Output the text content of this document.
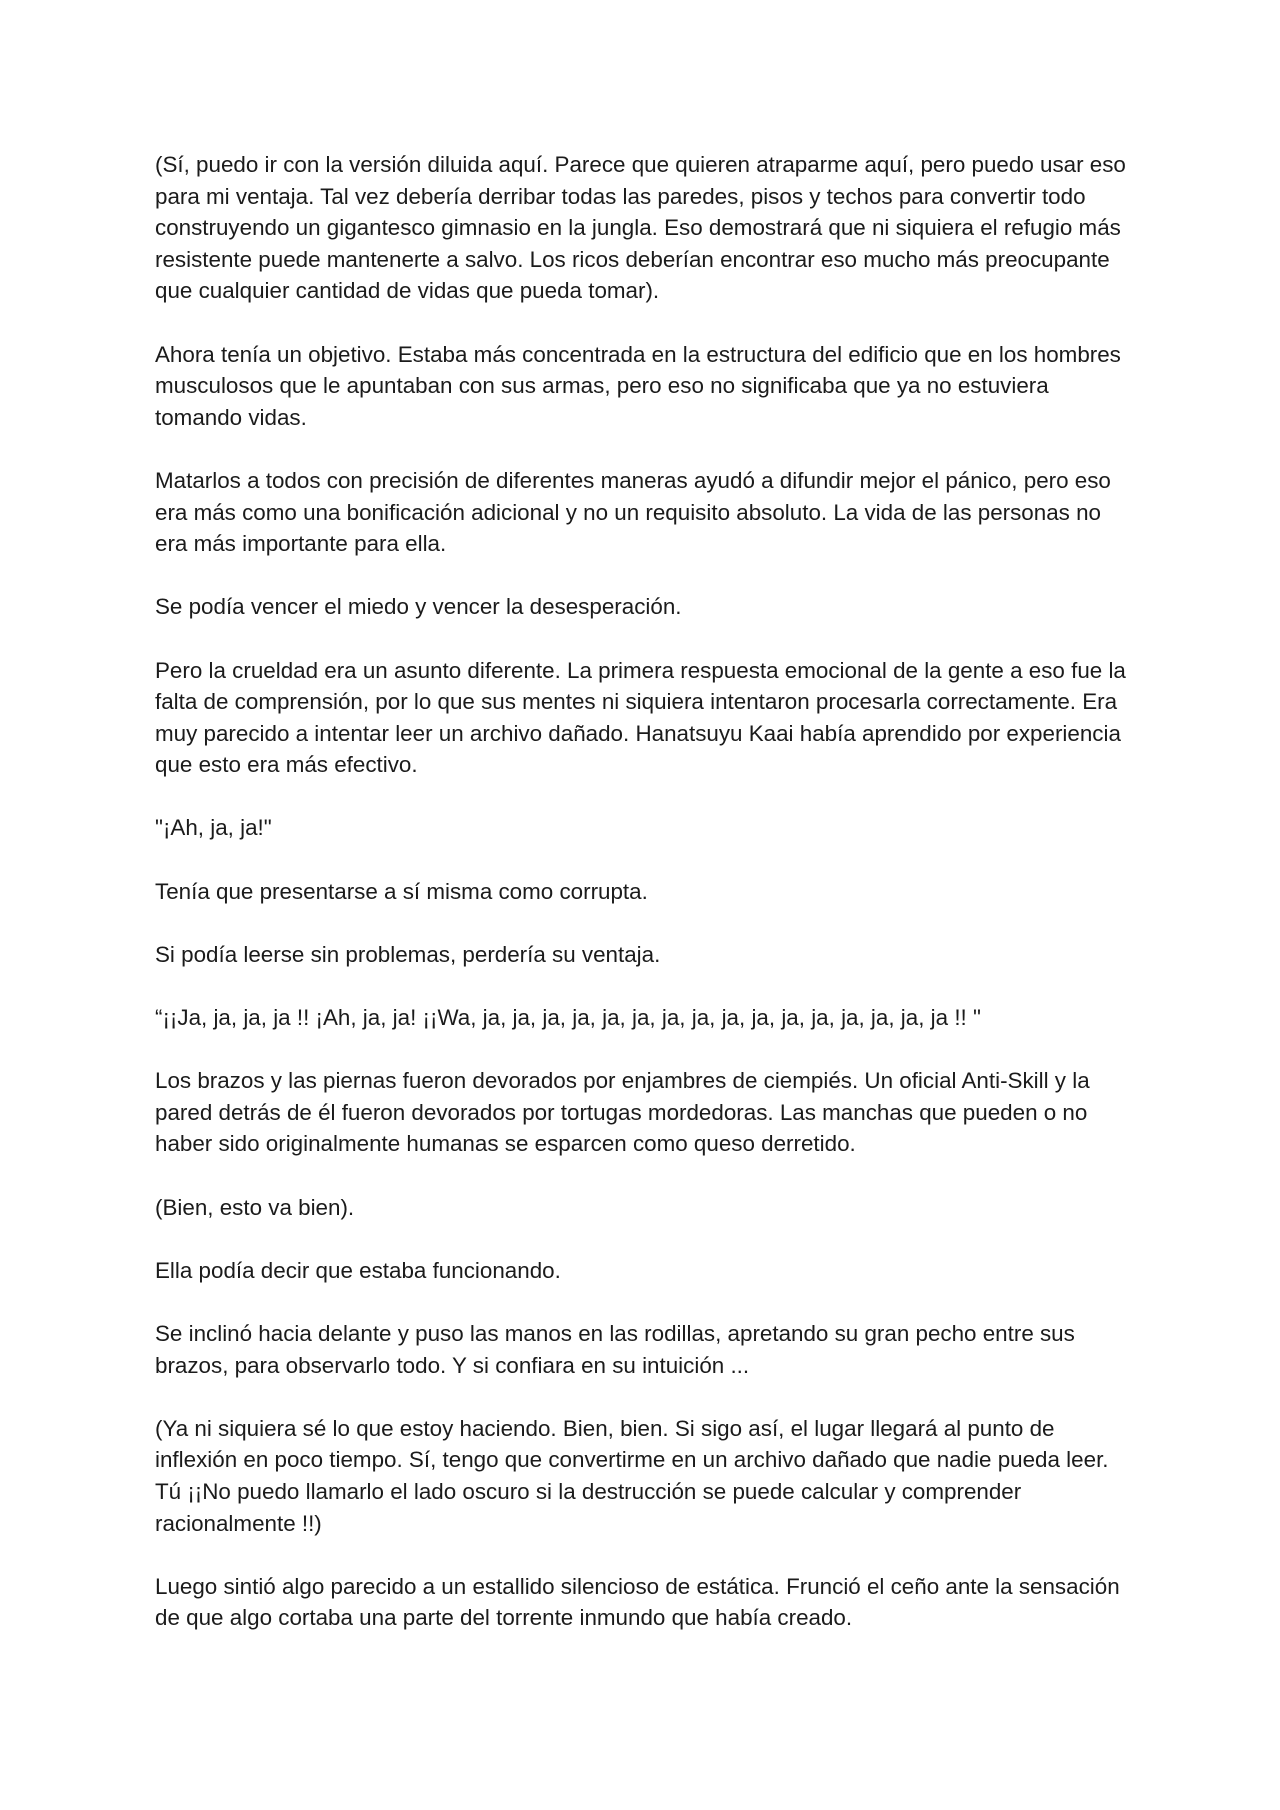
(Sí, puedo ir con la versión diluida aquí. Parece que quieren atraparme aquí, pero puedo usar eso para mi ventaja. Tal vez debería derribar todas las paredes, pisos y techos para convertir todo construyendo un gigantesco gimnasio en la jungla. Eso demostrará que ni siquiera el refugio más resistente puede mantenerte a salvo. Los ricos deberían encontrar eso mucho más preocupante que cualquier cantidad de vidas que pueda tomar).

Ahora tenía un objetivo. Estaba más concentrada en la estructura del edificio que en los hombres musculosos que le apuntaban con sus armas, pero eso no significaba que ya no estuviera tomando vidas.

Matarlos a todos con precisión de diferentes maneras ayudó a difundir mejor el pánico, pero eso era más como una bonificación adicional y no un requisito absoluto. La vida de las personas no era más importante para ella.

Se podía vencer el miedo y vencer la desesperación.

Pero la crueldad era un asunto diferente. La primera respuesta emocional de la gente a eso fue la falta de comprensión, por lo que sus mentes ni siquiera intentaron procesarla correctamente. Era muy parecido a intentar leer un archivo dañado. Hanatsuyu Kaai había aprendido por experiencia que esto era más efectivo.

"¡Ah, ja, ja!"

Tenía que presentarse a sí misma como corrupta.

Si podía leerse sin problemas, perdería su ventaja.

“¡¡Ja, ja, ja, ja !! ¡Ah, ja, ja! ¡¡Wa, ja, ja, ja, ja, ja, ja, ja, ja, ja, ja, ja, ja, ja, ja, ja, ja !! "

Los brazos y las piernas fueron devorados por enjambres de ciempiés. Un oficial Anti-Skill y la pared detrás de él fueron devorados por tortugas mordedoras. Las manchas que pueden o no haber sido originalmente humanas se esparcen como queso derretido.

(Bien, esto va bien).

Ella podía decir que estaba funcionando.

Se inclinó hacia delante y puso las manos en las rodillas, apretando su gran pecho entre sus brazos, para observarlo todo. Y si confiara en su intuición ...

(Ya ni siquiera sé lo que estoy haciendo. Bien, bien. Si sigo así, el lugar llegará al punto de inflexión en poco tiempo. Sí, tengo que convertirme en un archivo dañado que nadie pueda leer. Tú ¡¡No puedo llamarlo el lado oscuro si la destrucción se puede calcular y comprender racionalmente !!)

Luego sintió algo parecido a un estallido silencioso de estática. Frunció el ceño ante la sensación de que algo cortaba una parte del torrente inmundo que había creado.
